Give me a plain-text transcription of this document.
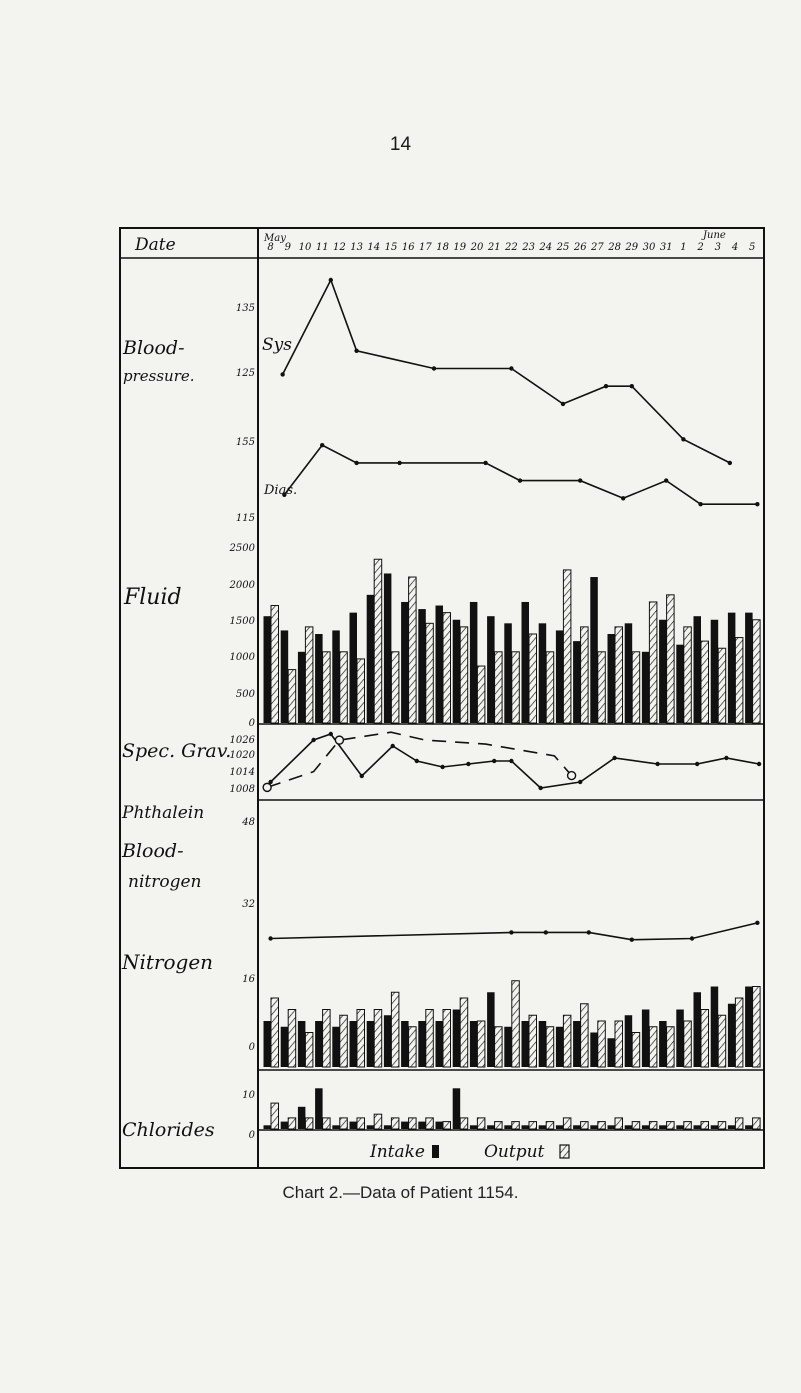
14
Date	May	June
8 9 10 11 12 13 14 15 16 17 18 19 20 21 22 23 24 25 26 27 28 29 30 31 1 2 3 4 5
Blood-
pressure.
Fluid
Spec. Grav.
Phthalein
Blood-
nitrogen
Nitrogen
Chlorides
135
125
155
115
2500
2000
1500
1000
500
0
1026
1020
1014
1008
48
32
16
0
10
0
Sys
Dias.
Intake	Output
Chart 2.—Data of Patient 1154.
